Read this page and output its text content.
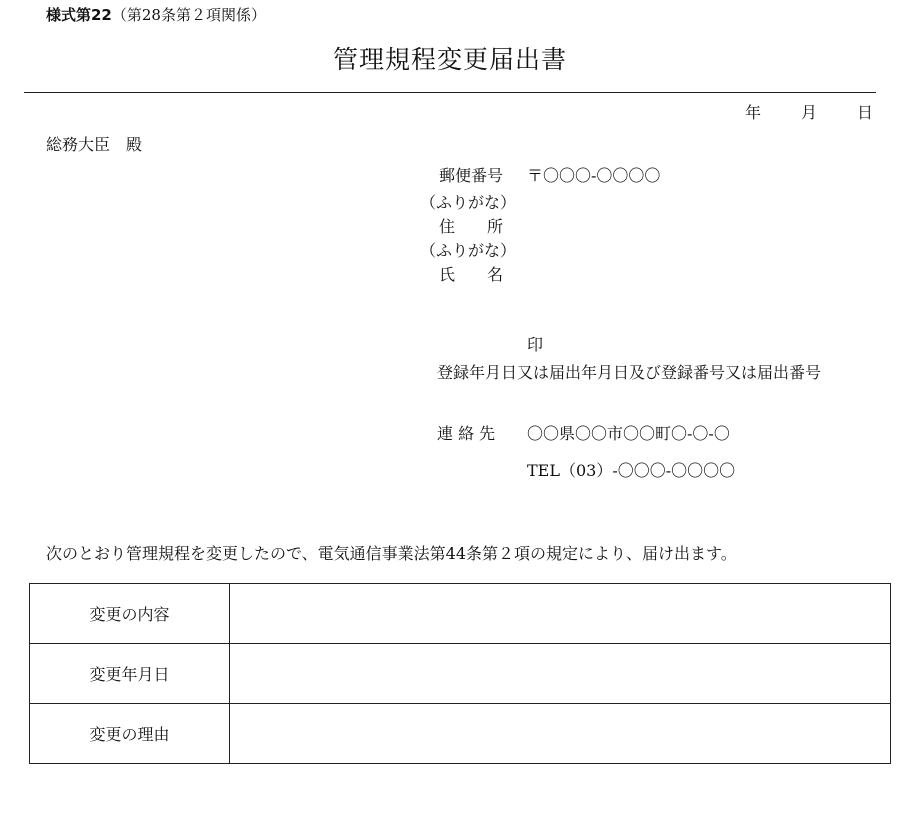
様式第22（第28条第２項関係）
管理規程変更届出書
年 月 日
総務大臣　殿
郵便番号 〒〇〇〇-〇〇〇〇
（ふりがな）
住　　所
（ふりがな）
氏　　名
印
登録年月日又は届出年月日及び登録番号又は届出番号
連 絡 先 〇〇県〇〇市〇〇町〇-〇-〇
TEL（03）-〇〇〇-〇〇〇〇
次のとおり管理規程を変更したので、電気通信事業法第44条第２項の規定により、届け出ます。
変更の内容	
変更年月日	
変更の理由	
